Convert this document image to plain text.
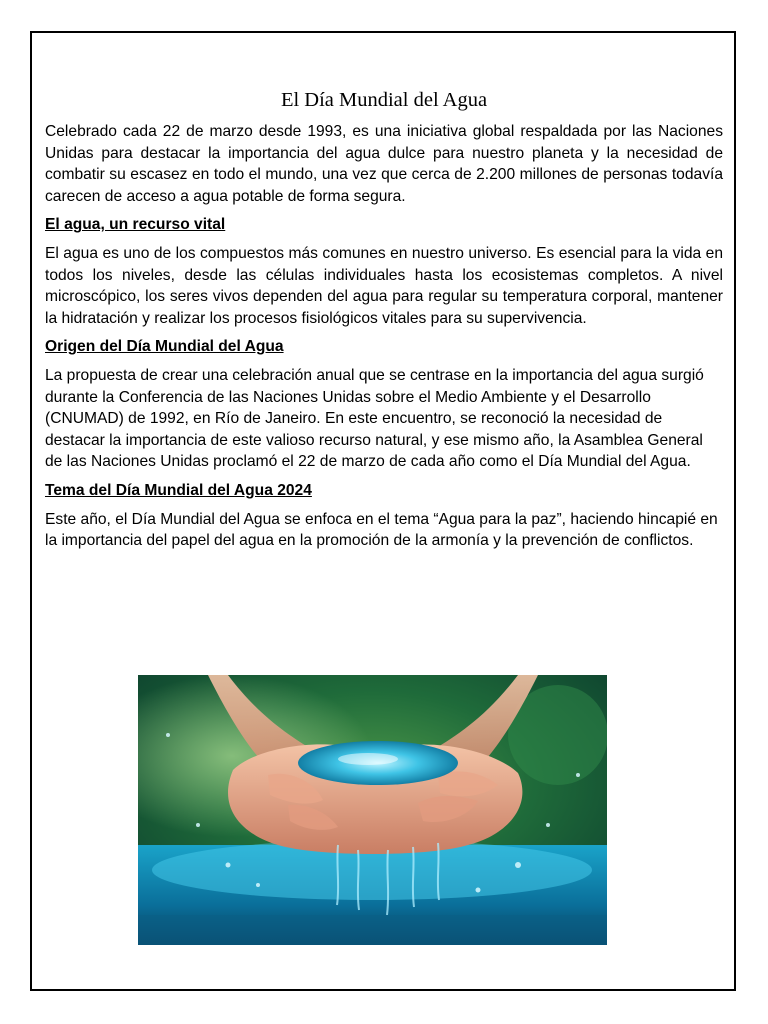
El Día Mundial del Agua

Celebrado cada 22 de marzo desde 1993, es una iniciativa global respaldada por las Naciones Unidas para destacar la importancia del agua dulce para nuestro planeta y la necesidad de combatir su escasez en todo el mundo, una vez que cerca de 2.200 millones de personas todavía carecen de acceso a agua potable de forma segura.

El agua, un recurso vital

El agua es uno de los compuestos más comunes en nuestro universo. Es esencial para la vida en todos los niveles, desde las células individuales hasta los ecosistemas completos. A nivel microscópico, los seres vivos dependen del agua para regular su temperatura corporal, mantener la hidratación y realizar los procesos fisiológicos vitales para su supervivencia.

Origen del Día Mundial del Agua

La propuesta de crear una celebración anual que se centrase en la importancia del agua surgió durante la Conferencia de las Naciones Unidas sobre el Medio Ambiente y el Desarrollo (CNUMAD) de 1992, en Río de Janeiro. En este encuentro, se reconoció la necesidad de destacar la importancia de este valioso recurso natural, y ese mismo año, la Asamblea General de las Naciones Unidas proclamó el 22 de marzo de cada año como el Día Mundial del Agua.

Tema del Día Mundial del Agua 2024

Este año, el Día Mundial del Agua se enfoca en el tema “Agua para la paz”, haciendo hincapié en la importancia del papel del agua en la promoción de la armonía y la prevención de conflictos.
